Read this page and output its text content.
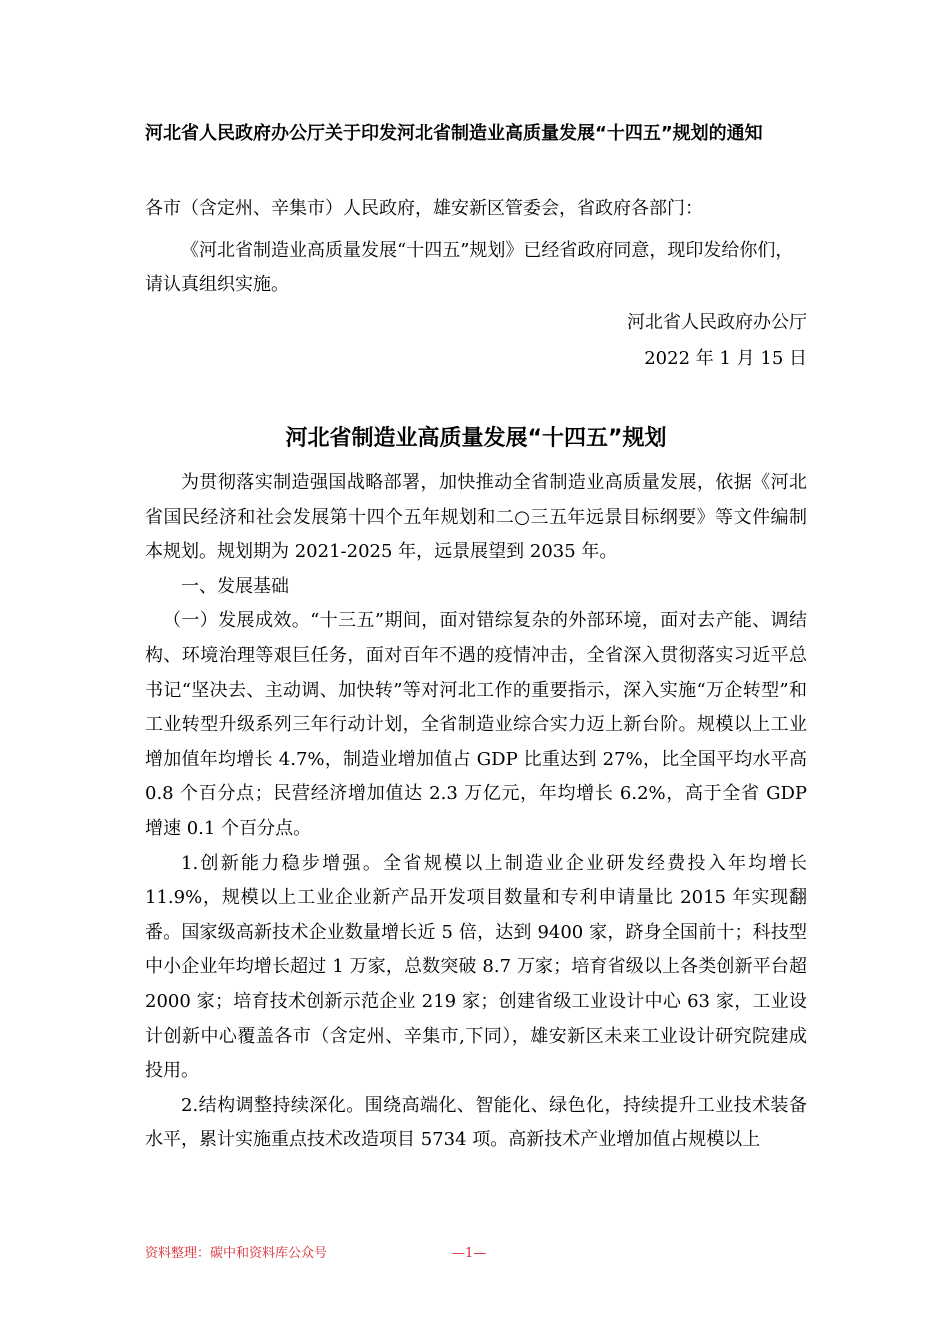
河北省人民政府办公厅关于印发河北省制造业高质量发展“十四五”规划的通知
各市（含定州、辛集市）人民政府，雄安新区管委会，省政府各部门：

《河北省制造业高质量发展“十四五”规划》已经省政府同意，现印发给你们，请认真组织实施。

河北省人民政府办公厅
2022 年 1 月 15 日
河北省制造业高质量发展“十四五”规划

为贯彻落实制造强国战略部署，加快推动全省制造业高质量发展，依据《河北省国民经济和社会发展第十四个五年规划和二○三五年远景目标纲要》等文件编制本规划。规划期为 2021-2025 年，远景展望到 2035 年。

一、发展基础

（一）发展成效。“十三五”期间，面对错综复杂的外部环境，面对去产能、调结构、环境治理等艰巨任务，面对百年不遇的疫情冲击，全省深入贯彻落实习近平总书记“坚决去、主动调、加快转”等对河北工作的重要指示，深入实施“万企转型”和工业转型升级系列三年行动计划，全省制造业综合实力迈上新台阶。规模以上工业增加值年均增长 4.7%，制造业增加值占 GDP 比重达到 27%，比全国平均水平高 0.8 个百分点；民营经济增加值达 2.3 万亿元，年均增长 6.2%，高于全省 GDP 增速 0.1 个百分点。

1.创新能力稳步增强。全省规模以上制造业企业研发经费投入年均增长 11.9%，规模以上工业企业新产品开发项目数量和专利申请量比 2015 年实现翻番。国家级高新技术企业数量增长近 5 倍，达到 9400 家，跻身全国前十；科技型中小企业年均增长超过 1 万家，总数突破 8.7 万家；培育省级以上各类创新平台超 2000 家；培育技术创新示范企业 219 家；创建省级工业设计中心 63 家，工业设计创新中心覆盖各市（含定州、辛集市,下同），雄安新区未来工业设计研究院建成投用。

2.结构调整持续深化。围绕高端化、智能化、绿色化，持续提升工业技术装备水平，累计实施重点技术改造项目 5734 项。高新技术产业增加值占规模以上

资料整理：碳中和资料库公众号	—1—
